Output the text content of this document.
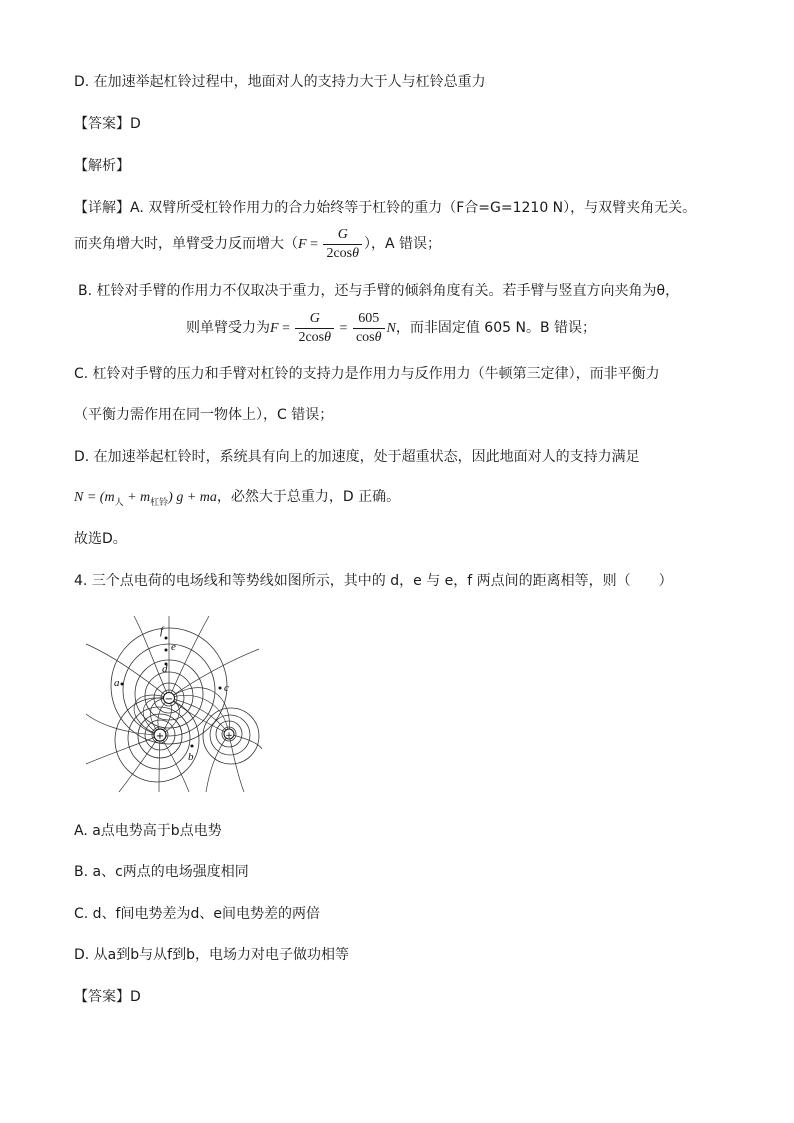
D. 在加速举起杠铃过程中，地面对人的支持力大于人与杠铃总重力
【答案】D
【解析】
【详解】A. 双臂所受杠铃作用力的合力始终等于杠铃的重力（F合=G=1210 N），与双臂夹角无关。
而夹角增大时，单臂受力反而增大（$F = \frac{G}{2\cos\theta}$ ），A 错误；
B. 杠铃对手臂的作用力不仅取决于重力，还与手臂的倾斜角度有关。若手臂与竖直方向夹角为θ，
则单臂受力为$F = \frac{G}{2\cos\theta} = \frac{605}{\cos\theta}$ N，而非固定值 605 N。B 错误；
C. 杠铃对手臂的压力和手臂对杠铃的支持力是作用力与反作用力（牛顿第三定律），而非平衡力
（平衡力需作用在同一物体上），C 错误；
D. 在加速举起杠铃时，系统具有向上的加速度，处于超重状态，因此地面对人的支持力满足
$N = (m_人 + m_{杠铃}) g$ + ma，必然大于总重力，D 正确。
故选D。
4. 三个点电荷的电场线和等势线如图所示，其中的 d，e 与 e，f 两点间的距离相等，则（　　）
−
+	+
f
e
d
a	c
b
A. a点电势高于b点电势
B. a、c两点的电场强度相同
C. d、f间电势差为d、e间电势差的两倍
D. 从a到b与从f到b，电场力对电子做功相等
【答案】D
